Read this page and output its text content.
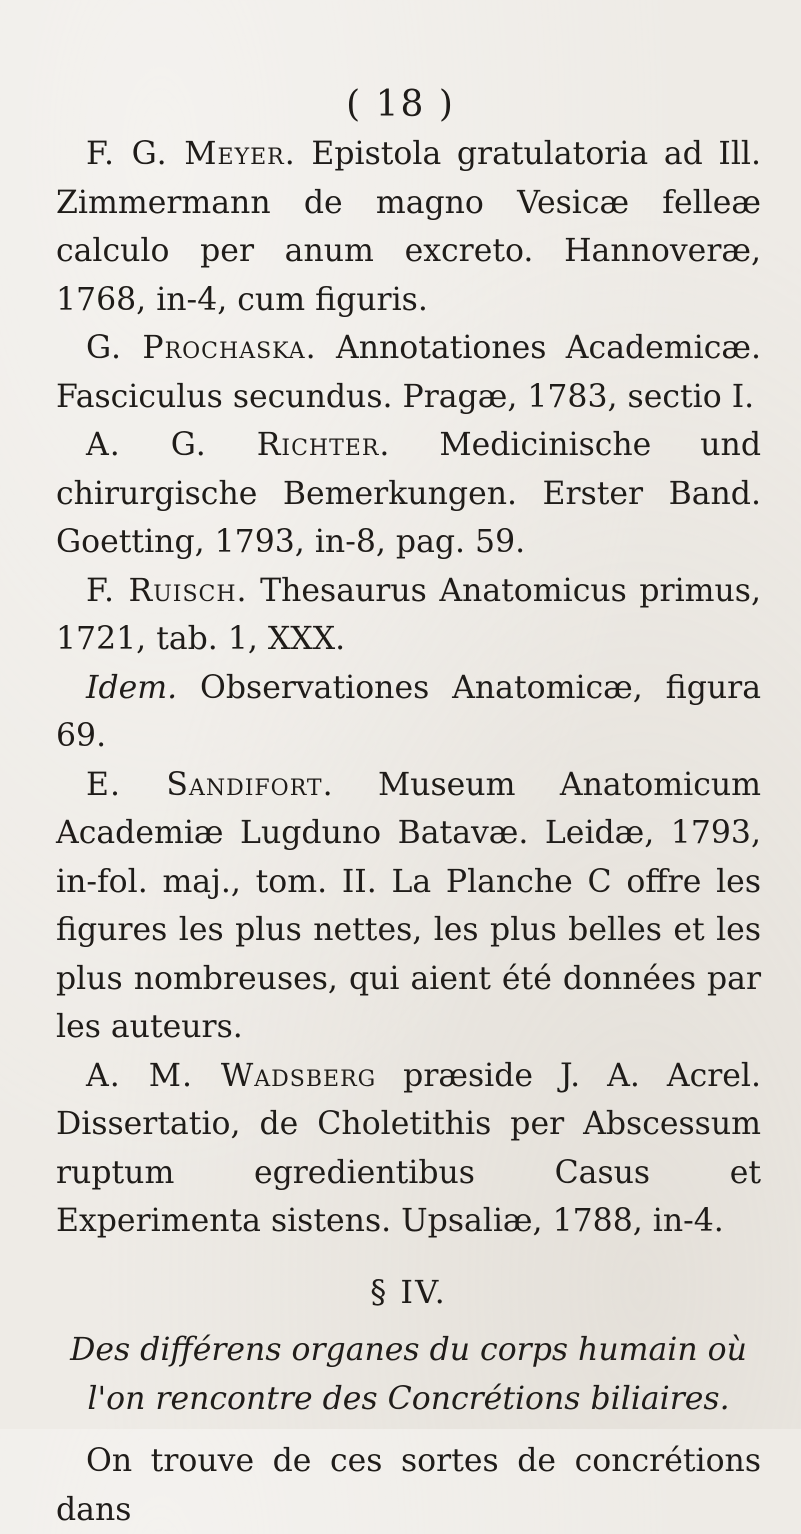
( 18 )

F. G. Meyer. Epistola gratulatoria ad Ill. Zimmermann de magno Vesicæ felleæ calculo per anum excreto. Hannoveræ, 1768, in-4, cum figuris.

G. Prochaska. Annotationes Academicæ. Fasciculus secundus. Pragæ, 1783, sectio I.

A. G. Richter. Medicinische und chirurgische Bemerkungen. Erster Band. Goetting, 1793, in-8, pag. 59.

F. Ruisch. Thesaurus Anatomicus primus, 1721, tab. 1, XXX.

Idem. Observationes Anatomicæ, figura 69.

E. Sandifort. Museum Anatomicum Academiæ Lugduno Batavæ. Leidæ, 1793, in-fol. maj., tom. II. La Planche C offre les figures les plus nettes, les plus belles et les plus nombreuses, qui aient été données par les auteurs.

A. M. Wadsberg præside J. A. Acrel. Dissertatio, de Choletithis per Abscessum ruptum egredientibus Casus et Experimenta sistens. Upsaliæ, 1788, in-4.

§ IV.

Des différens organes du corps humain où l'on rencontre des Concrétions biliaires.

On trouve de ces sortes de concrétions dans
